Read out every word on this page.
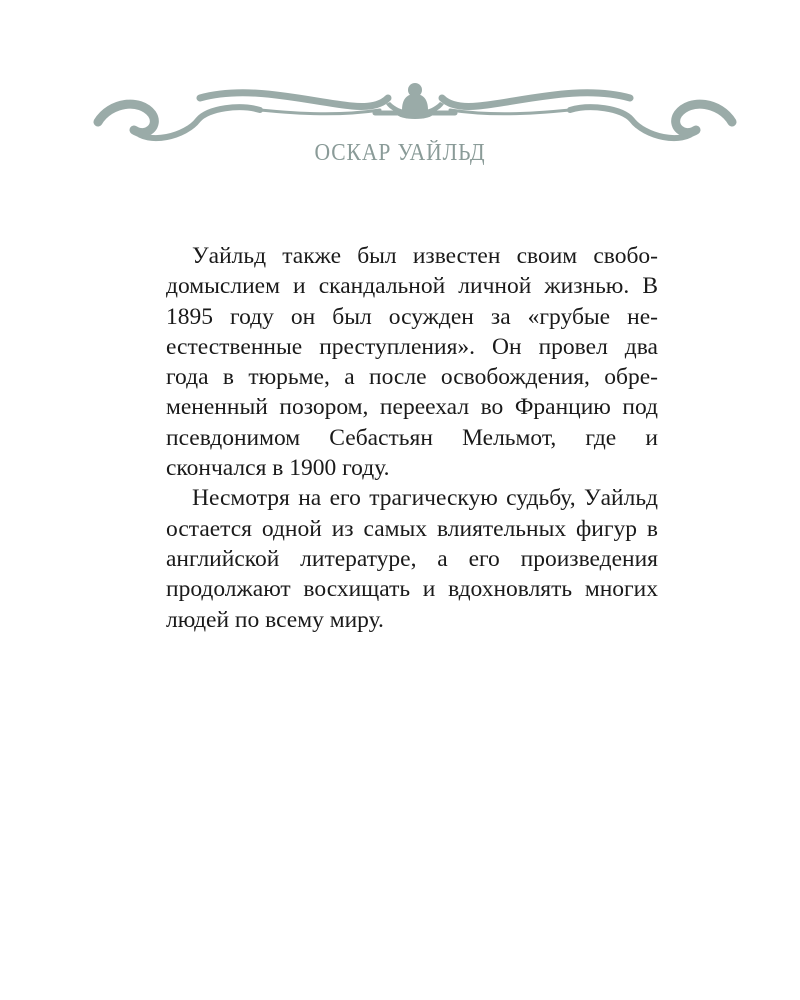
ОСКАР УАЙЛЬД

Уайльд также был известен своим свободомыслием и скандальной личной жизнью. В 1895 году он был осужден за «грубые неестественные преступления». Он провел два года в тюрьме, а после освобождения, обремененный позором, переехал во Францию под псевдонимом Себастьян Мельмот, где и скончался в 1900 году.

Несмотря на его трагическую судьбу, Уайльд остается одной из самых влиятельных фигур в английской литературе, а его произведения продолжают восхищать и вдохновлять многих людей по всему миру.
